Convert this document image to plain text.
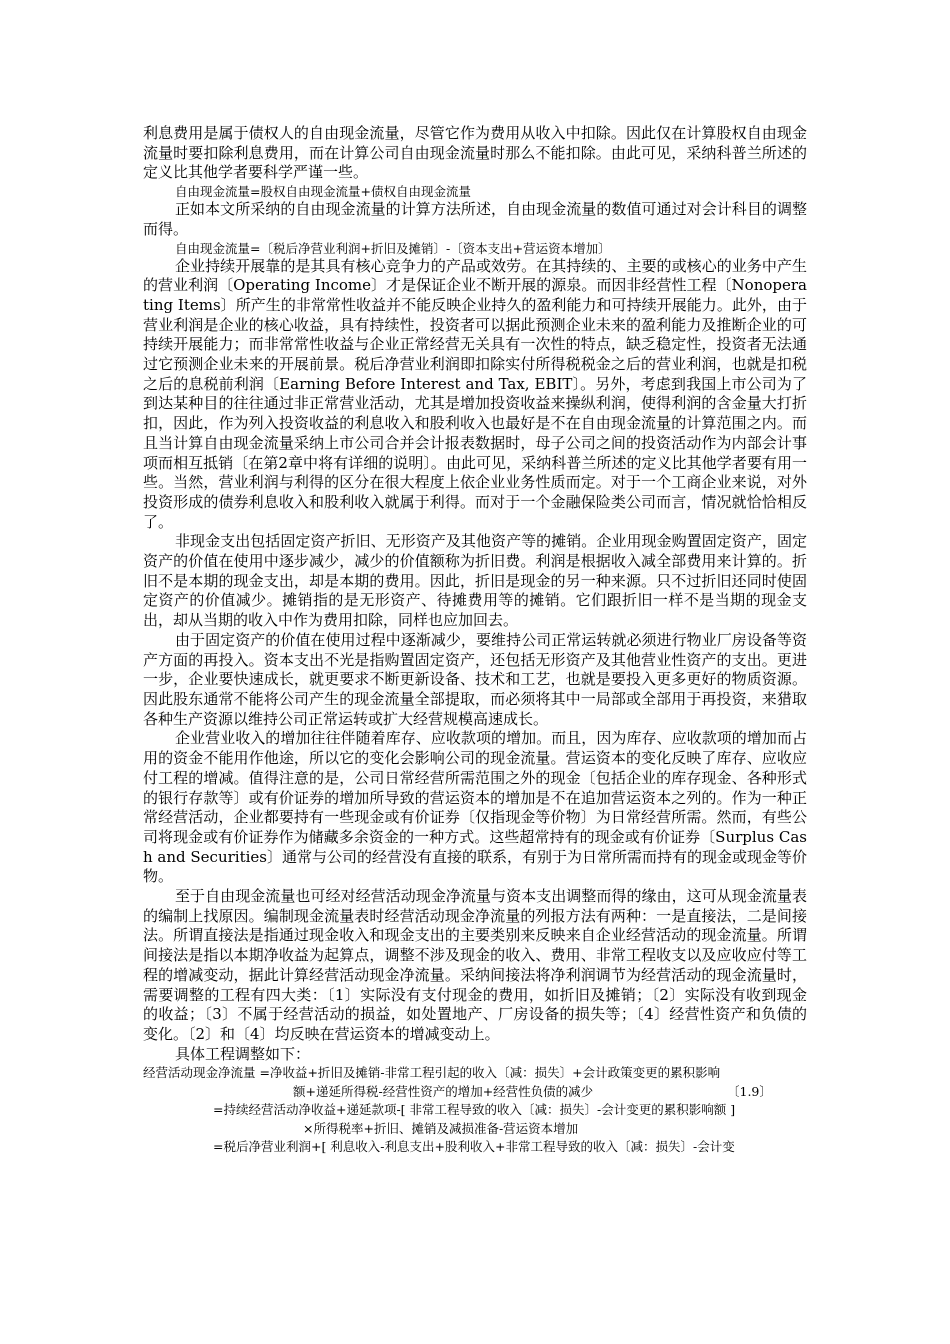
利息费用是属于债权人的自由现金流量，尽管它作为费用从收入中扣除。因此仅在计算股权自由现金流量时要扣除利息费用，而在计算公司自由现金流量时那么不能扣除。由此可见，采纳科普兰所述的定义比其他学者要科学严谨一些。

自由现金流量=股权自由现金流量+债权自由现金流量

正如本文所采纳的自由现金流量的计算方法所述，自由现金流量的数值可通过对会计科目的调整而得。

自由现金流量=〔税后净营业利润+折旧及摊销〕-〔资本支出+营运资本增加〕

企业持续开展靠的是其具有核心竞争力的产品或效劳。在其持续的、主要的或核心的业务中产生的营业利润〔Operating Income〕才是保证企业不断开展的源泉。而因非经营性工程〔Nonoperating Items〕所产生的非常常性收益并不能反映企业持久的盈利能力和可持续开展能力。此外，由于营业利润是企业的核心收益，具有持续性，投资者可以据此预测企业未来的盈利能力及推断企业的可持续开展能力；而非常常性收益与企业正常经营无关具有一次性的特点，缺乏稳定性，投资者无法通过它预测企业未来的开展前景。税后净营业利润即扣除实付所得税税金之后的营业利润，也就是扣税之后的息税前利润〔Earning Before Interest and Tax, EBIT〕。另外，考虑到我国上市公司为了到达某种目的往往通过非正常营业活动，尤其是增加投资收益来操纵利润，使得利润的含金量大打折扣，因此，作为列入投资收益的利息收入和股利收入也最好是不在自由现金流量的计算范围之内。而且当计算自由现金流量采纳上市公司合并会计报表数据时，母子公司之间的投资活动作为内部会计事项而相互抵销〔在第2章中将有详细的说明〕。由此可见，采纳科普兰所述的定义比其他学者要有用一些。当然，营业利润与利得的区分在很大程度上依企业业务性质而定。对于一个工商企业来说，对外投资形成的债券利息收入和股利收入就属于利得。而对于一个金融保险类公司而言，情况就恰恰相反了。

非现金支出包括固定资产折旧、无形资产及其他资产等的摊销。企业用现金购置固定资产，固定资产的价值在使用中逐步减少，减少的价值额称为折旧费。利润是根据收入减全部费用来计算的。折旧不是本期的现金支出，却是本期的费用。因此，折旧是现金的另一种来源。只不过折旧还同时使固定资产的价值减少。摊销指的是无形资产、待摊费用等的摊销。它们跟折旧一样不是当期的现金支出，却从当期的收入中作为费用扣除，同样也应加回去。

由于固定资产的价值在使用过程中逐渐减少，要维持公司正常运转就必须进行物业厂房设备等资产方面的再投入。资本支出不光是指购置固定资产，还包括无形资产及其他营业性资产的支出。更进一步，企业要快速成长，就更要求不断更新设备、技术和工艺，也就是要投入更多更好的物质资源。因此股东通常不能将公司产生的现金流量全部提取，而必须将其中一局部或全部用于再投资，来猎取各种生产资源以维持公司正常运转或扩大经营规模高速成长。

企业营业收入的增加往往伴随着库存、应收款项的增加。而且，因为库存、应收款项的增加而占用的资金不能用作他途，所以它的变化会影响公司的现金流量。营运资本的变化反映了库存、应收应付工程的增减。值得注意的是，公司日常经营所需范围之外的现金〔包括企业的库存现金、各种形式的银行存款等〕或有价证券的增加所导致的营运资本的增加是不在追加营运资本之列的。作为一种正常经营活动，企业都要持有一些现金或有价证券〔仅指现金等价物〕为日常经营所需。然而，有些公司将现金或有价证券作为储藏多余资金的一种方式。这些超常持有的现金或有价证券〔Surplus Cash and Securities〕通常与公司的经营没有直接的联系，有别于为日常所需而持有的现金或现金等价物。

至于自由现金流量也可经对经营活动现金净流量与资本支出调整而得的缘由，这可从现金流量表的编制上找原因。编制现金流量表时经营活动现金净流量的列报方法有两种：一是直接法，二是间接法。所谓直接法是指通过现金收入和现金支出的主要类别来反映来自企业经营活动的现金流量。所谓间接法是指以本期净收益为起算点，调整不涉及现金的收入、费用、非常工程收支以及应收应付等工程的增减变动，据此计算经营活动现金净流量。采纳间接法将净利润调节为经营活动的现金流量时，需要调整的工程有四大类：〔1〕实际没有支付现金的费用，如折旧及摊销；〔2〕实际没有收到现金的收益；〔3〕不属于经营活动的损益，如处置地产、厂房设备的损失等；〔4〕经营性资产和负债的变化。〔2〕和〔4〕均反映在营运资本的增减变动上。

具体工程调整如下：

经营活动现金净流量 =净收益+折旧及摊销-非常工程引起的收入〔减：损失〕+会计政策变更的累积影响
额+递延所得税-经营性资产的增加+经营性负债的减少	〔1.9〕
=持续经营活动净收益+递延款项-[ 非常工程导致的收入〔减：损失〕-会计变更的累积影响额 ]
×所得税率+折旧、摊销及减损准备-营运资本增加
=税后净营业利润+[ 利息收入-利息支出+股利收入+非常工程导致的收入〔减：损失〕-会计变
